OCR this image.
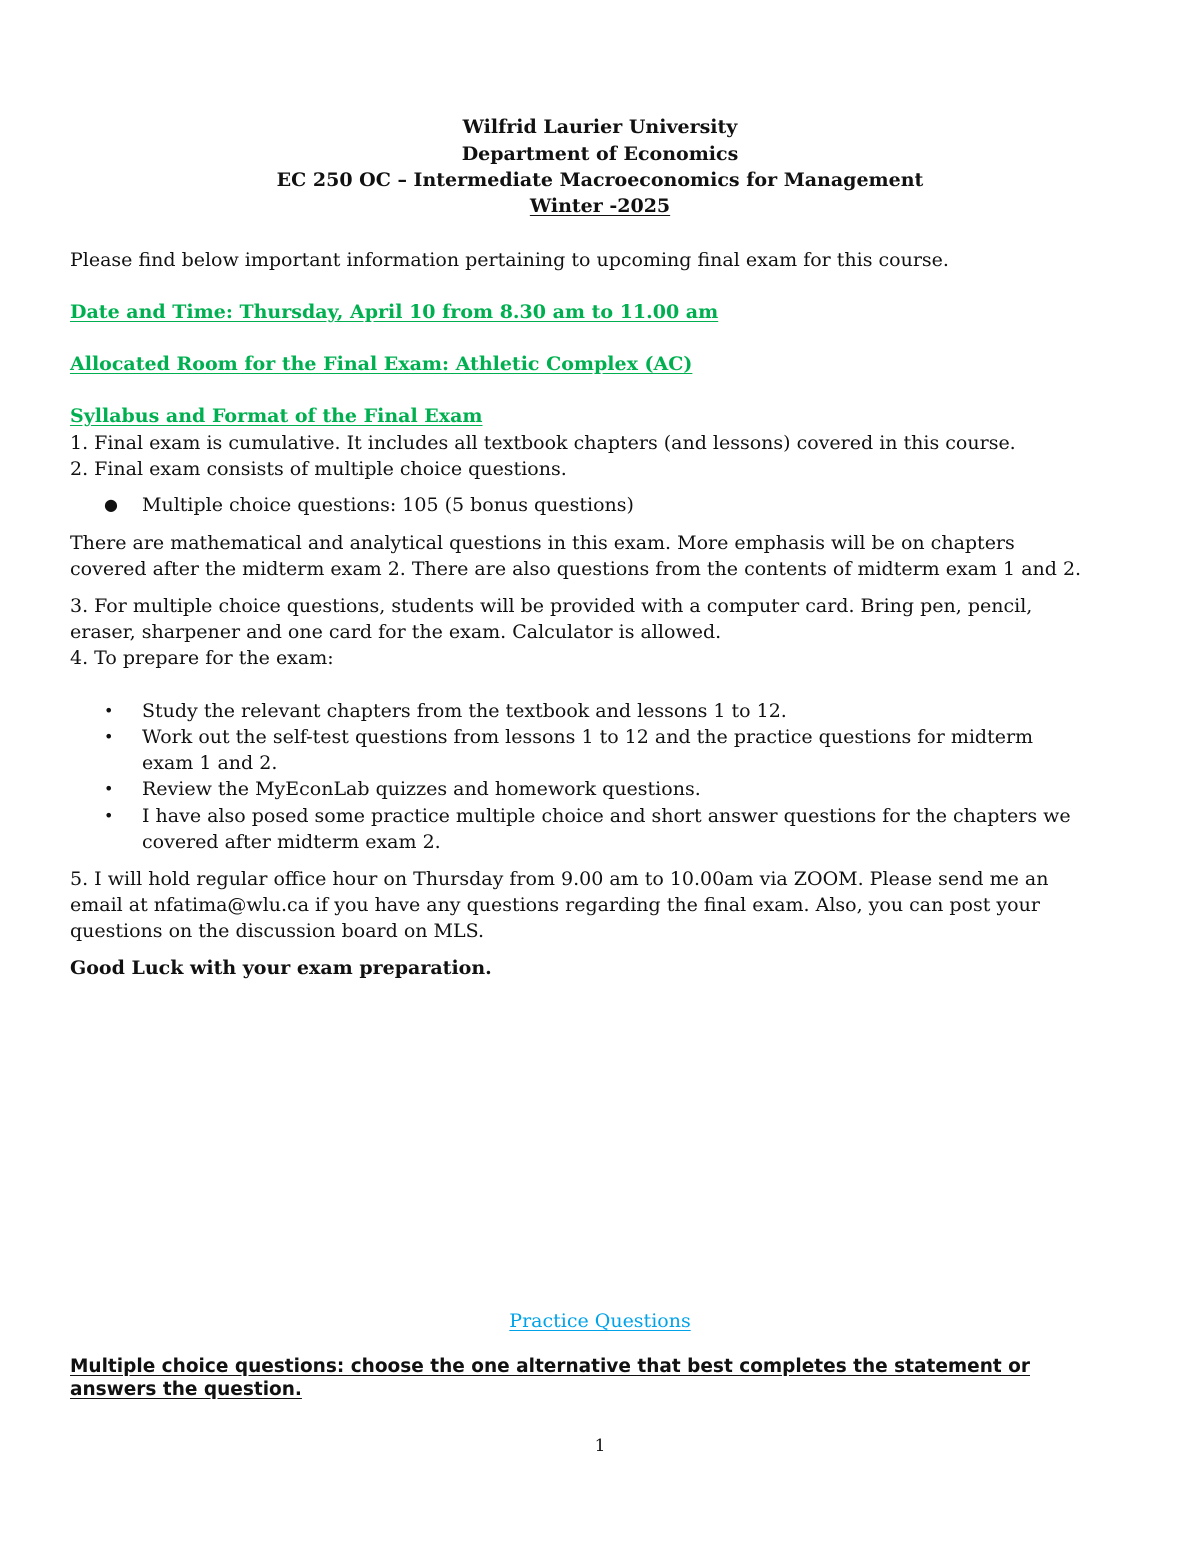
Wilfrid Laurier University
Department of Economics
EC 250 OC – Intermediate Macroeconomics for Management
Winter -2025
Please find below important information pertaining to upcoming final exam for this course.
Date and Time: Thursday, April 10 from 8.30 am to 11.00 am
Allocated Room for the Final Exam: Athletic Complex (AC)
Syllabus and Format of the Final Exam
1. Final exam is cumulative. It includes all textbook chapters (and lessons) covered in this course.
2. Final exam consists of multiple choice questions.
● Multiple choice questions: 105 (5 bonus questions)
There are mathematical and analytical questions in this exam. More emphasis will be on chapters
covered after the midterm exam 2. There are also questions from the contents of midterm exam 1 and 2.
3. For multiple choice questions, students will be provided with a computer card. Bring pen, pencil,
eraser, sharpener and one card for the exam. Calculator is allowed.
4. To prepare for the exam:
• Study the relevant chapters from the textbook and lessons 1 to 12.
• Work out the self-test questions from lessons 1 to 12 and the practice questions for midterm
exam 1 and 2.
• Review the MyEconLab quizzes and homework questions.
• I have also posed some practice multiple choice and short answer questions for the chapters we
covered after midterm exam 2.
5. I will hold regular office hour on Thursday from 9.00 am to 10.00am via ZOOM. Please send me an
email at nfatima@wlu.ca if you have any questions regarding the final exam. Also, you can post your
questions on the discussion board on MLS.
Good Luck with your exam preparation.
Practice Questions
Multiple choice questions: choose the one alternative that best completes the statement or
answers the question.
1
